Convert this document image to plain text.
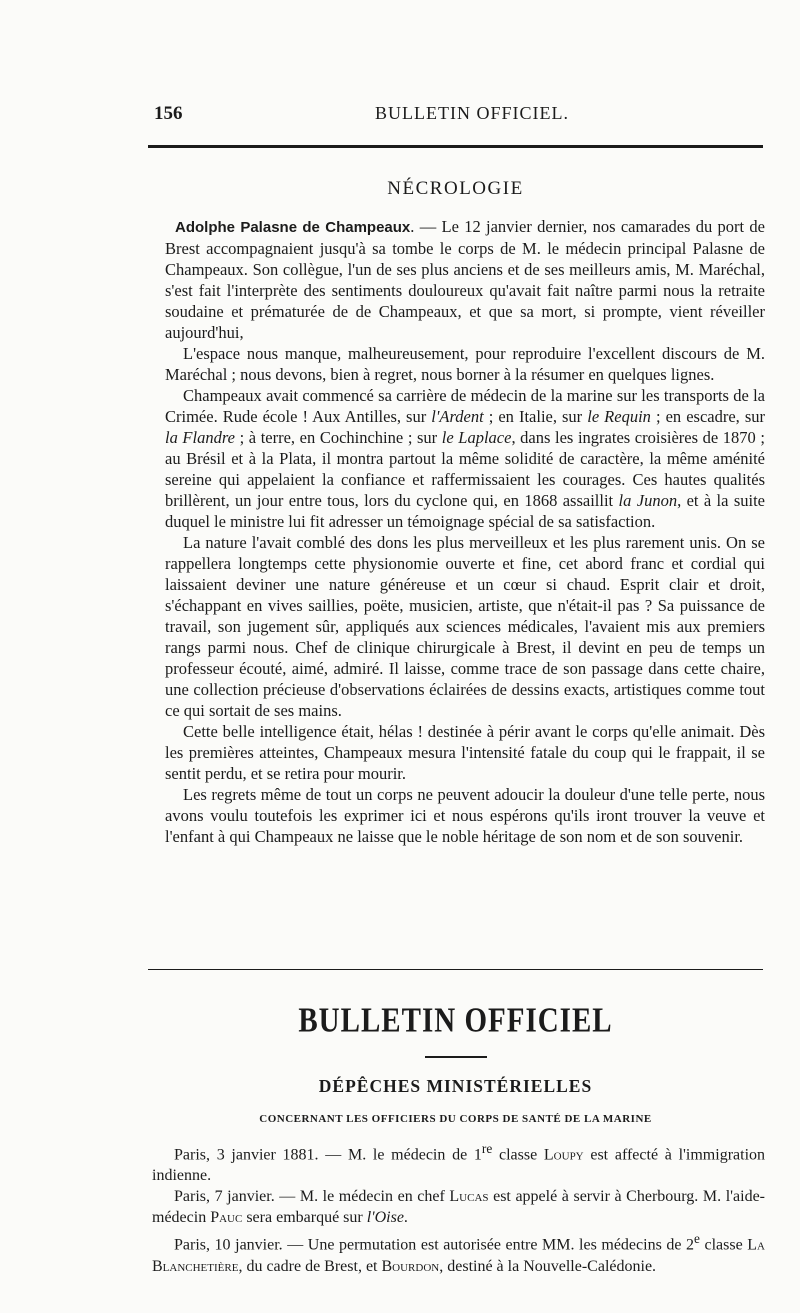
156	BULLETIN OFFICIEL.
NÉCROLOGIE

Adolphe Palasne de Champeaux. — Le 12 janvier dernier, nos camarades du port de Brest accompagnaient jusqu'à sa tombe le corps de M. le médecin principal Palasne de Champeaux. Son collègue, l'un de ses plus anciens et de ses meilleurs amis, M. Maréchal, s'est fait l'interprète des sentiments douloureux qu'avait fait naître parmi nous la retraite soudaine et prématurée de de Champeaux, et que sa mort, si prompte, vient réveiller aujourd'hui,

L'espace nous manque, malheureusement, pour reproduire l'excellent discours de M. Maréchal ; nous devons, bien à regret, nous borner à la résumer en quelques lignes.

Champeaux avait commencé sa carrière de médecin de la marine sur les transports de la Crimée. Rude école ! Aux Antilles, sur l'Ardent ; en Italie, sur le Requin ; en escadre, sur la Flandre ; à terre, en Cochinchine ; sur le Laplace, dans les ingrates croisières de 1870 ; au Brésil et à la Plata, il montra partout la même solidité de caractère, la même aménité sereine qui appelaient la confiance et raffermissaient les courages. Ces hautes qualités brillèrent, un jour entre tous, lors du cyclone qui, en 1868 assaillit la Junon, et à la suite duquel le ministre lui fit adresser un témoignage spécial de sa satisfaction.

La nature l'avait comblé des dons les plus merveilleux et les plus rarement unis. On se rappellera longtemps cette physionomie ouverte et fine, cet abord franc et cordial qui laissaient deviner une nature généreuse et un cœur si chaud. Esprit clair et droit, s'échappant en vives saillies, poëte, musicien, artiste, que n'était-il pas ? Sa puissance de travail, son jugement sûr, appliqués aux sciences médicales, l'avaient mis aux premiers rangs parmi nous. Chef de clinique chirurgicale à Brest, il devint en peu de temps un professeur écouté, aimé, admiré. Il laisse, comme trace de son passage dans cette chaire, une collection précieuse d'observations éclairées de dessins exacts, artistiques comme tout ce qui sortait de ses mains.

Cette belle intelligence était, hélas ! destinée à périr avant le corps qu'elle animait. Dès les premières atteintes, Champeaux mesura l'intensité fatale du coup qui le frappait, il se sentit perdu, et se retira pour mourir.

Les regrets même de tout un corps ne peuvent adoucir la douleur d'une telle perte, nous avons voulu toutefois les exprimer ici et nous espérons qu'ils iront trouver la veuve et l'enfant à qui Champeaux ne laisse que le noble héritage de son nom et de son souvenir.

BULLETIN OFFICIEL
DÉPÊCHES MINISTÉRIELLES
CONCERNANT LES OFFICIERS DU CORPS DE SANTÉ DE LA MARINE

Paris, 3 janvier 1881. — M. le médecin de 1re classe Loupy est affecté à l'immigration indienne.

Paris, 7 janvier. — M. le médecin en chef Lucas est appelé à servir à Cherbourg. M. l'aide-médecin Pauc sera embarqué sur l'Oise.

Paris, 10 janvier. — Une permutation est autorisée entre MM. les médecins de 2e classe La Blanchetière, du cadre de Brest, et Bourdon, destiné à la Nouvelle-Calédonie.
